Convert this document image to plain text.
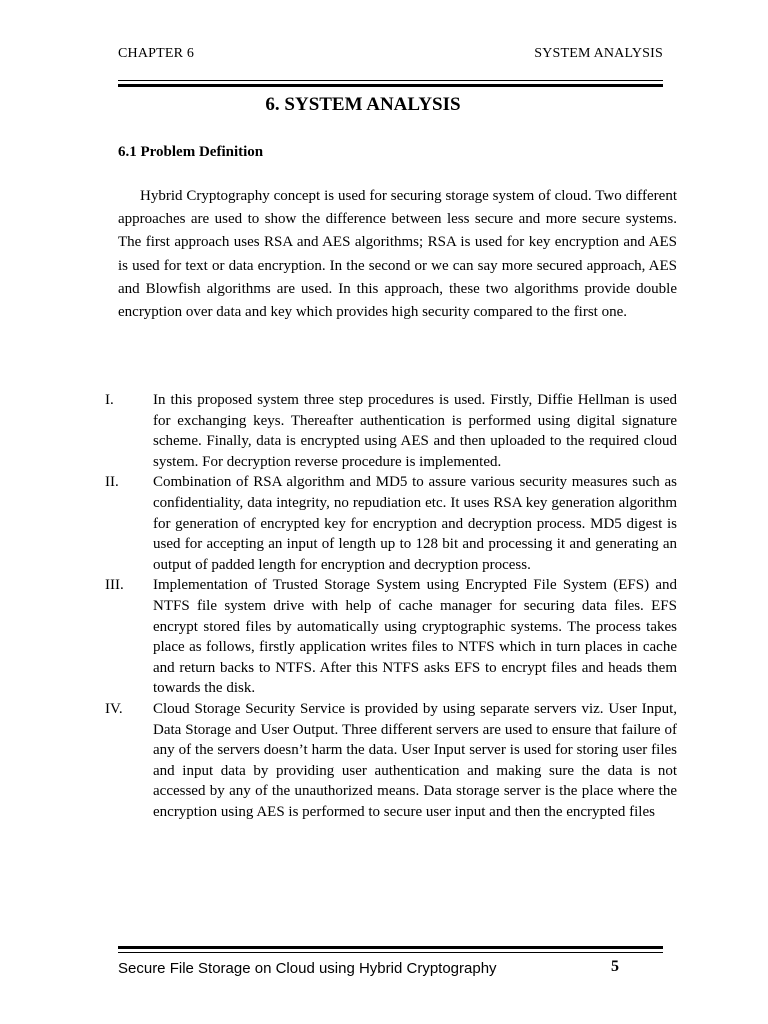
CHAPTER 6	SYSTEM ANALYSIS
6. SYSTEM ANALYSIS
6.1 Problem Definition

Hybrid Cryptography concept is used for securing storage system of cloud. Two different approaches are used to show the difference between less secure and more secure systems. The first approach uses RSA and AES algorithms; RSA is used for key encryption and AES is used for text or data encryption. In the second or we can say more secured approach, AES and Blowfish algorithms are used. In this approach, these two algorithms provide double encryption over data and key which provides high security compared to the first one.

I.	In this proposed system three step procedures is used. Firstly, Diffie Hellman is used for exchanging keys. Thereafter authentication is performed using digital signature scheme. Finally, data is encrypted using AES and then uploaded to the required cloud system. For decryption reverse procedure is implemented.
II.	Combination of RSA algorithm and MD5 to assure various security measures such as confidentiality, data integrity, no repudiation etc. It uses RSA key generation algorithm for generation of encrypted key for encryption and decryption process. MD5 digest is used for accepting an input of length up to 128 bit and processing it and generating an output of padded length for encryption and decryption process.
III.	Implementation of Trusted Storage System using Encrypted File System (EFS) and NTFS file system drive with help of cache manager for securing data files. EFS encrypt stored files by automatically using cryptographic systems. The process takes place as follows, firstly application writes files to NTFS which in turn places in cache and return backs to NTFS. After this NTFS asks EFS to encrypt files and heads them towards the disk.
IV.	Cloud Storage Security Service is provided by using separate servers viz. User Input, Data Storage and User Output. Three different servers are used to ensure that failure of any of the servers doesn’t harm the data. User Input server is used for storing user files and input data by providing user authentication and making sure the data is not accessed by any of the unauthorized means. Data storage server is the place where the encryption using AES is performed to secure user input and then the encrypted files
Secure File Storage on Cloud using Hybrid Cryptography	5
